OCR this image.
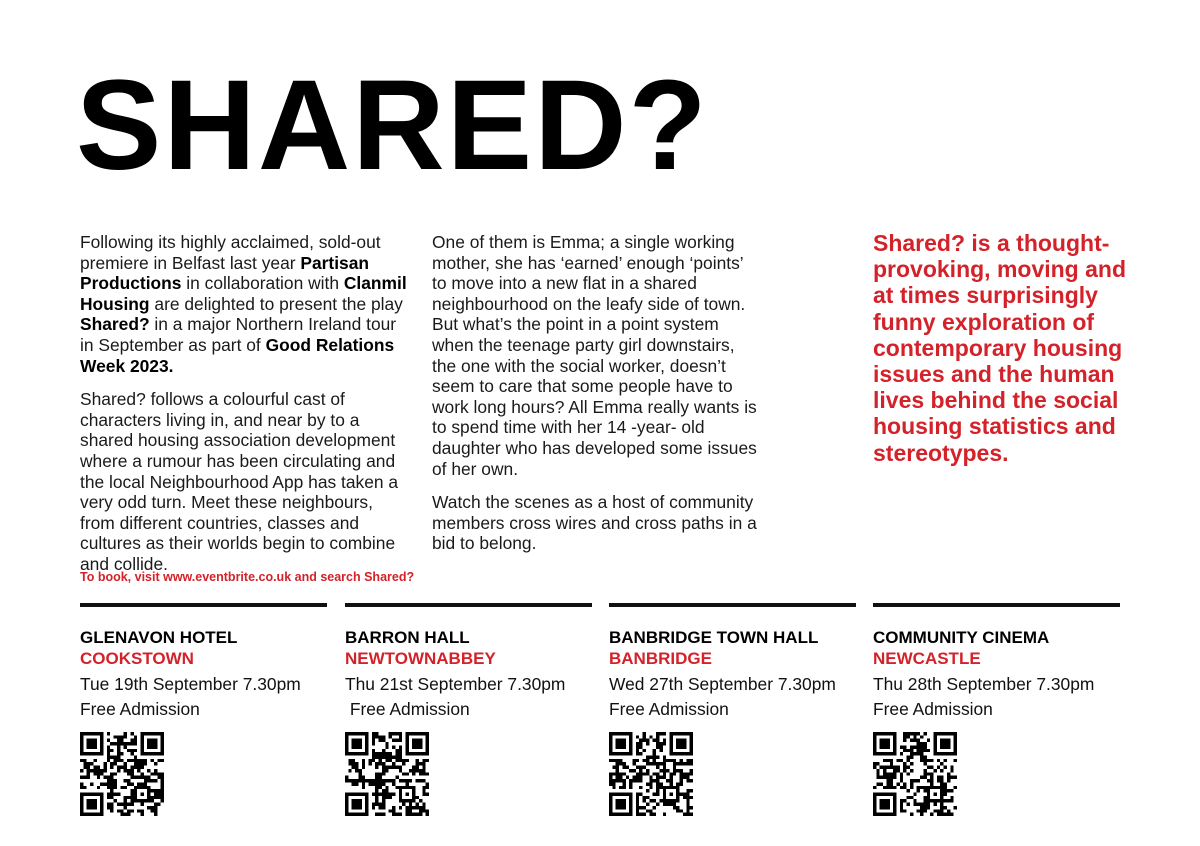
SHARED?

Following its highly acclaimed, sold-out premiere in Belfast last year Partisan Productions in collaboration with Clanmil Housing are delighted to present the play Shared? in a major Northern Ireland tour in September as part of Good Relations Week 2023.

Shared? follows a colourful cast of characters living in, and near by to a shared housing association development where a rumour has been circulating and the local Neighbourhood App has taken a very odd turn. Meet these neighbours, from different countries, classes and cultures as their worlds begin to combine and collide.

One of them is Emma; a single working mother, she has ‘earned’ enough ‘points’ to move into a new flat in a shared neighbourhood on the leafy side of town. But what’s the point in a point system when the teenage party girl downstairs, the one with the social worker, doesn’t seem to care that some people have to work long hours? All Emma really wants is to spend time with her 14 -year- old daughter who has developed some issues of her own.

Watch the scenes as a host of community members cross wires and cross paths in a bid to belong.

Shared? is a thought-provoking, moving and at times surprisingly funny exploration of contemporary housing issues and the human lives behind the social housing statistics and stereotypes.
To book, visit www.eventbrite.co.uk and search Shared?
GLENAVON HOTEL
COOKSTOWN
Tue 19th September 7.30pm
Free Admission
BARRON HALL
NEWTOWNABBEY
Thu 21st September 7.30pm
Free Admission
BANBRIDGE TOWN HALL
BANBRIDGE
Wed 27th September 7.30pm
Free Admission
COMMUNITY CINEMA
NEWCASTLE
Thu 28th September 7.30pm
Free Admission
